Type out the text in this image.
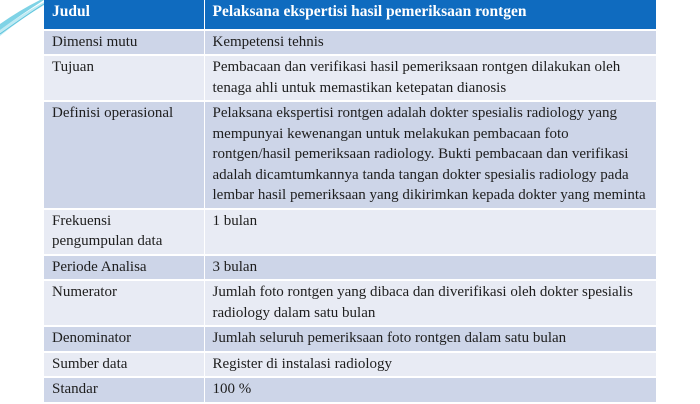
Judul	Pelaksana ekspertisi hasil pemeriksaan rontgen
Dimensi mutu	Kempetensi tehnis
Tujuan	Pembacaan dan verifikasi hasil pemeriksaan rontgen dilakukan oleh tenaga ahli untuk memastikan ketepatan dianosis
Definisi operasional	Pelaksana ekspertisi rontgen adalah dokter spesialis radiology yang mempunyai kewenangan untuk melakukan pembacaan foto rontgen/hasil pemeriksaan radiology. Bukti pembacaan dan verifikasi adalah dicamtumkannya tanda tangan dokter spesialis radiology pada lembar hasil pemeriksaan yang dikirimkan kepada dokter yang meminta
Frekuensi pengumpulan data	1 bulan
Periode Analisa	3 bulan
Numerator	Jumlah foto rontgen yang dibaca dan diverifikasi oleh dokter spesialis radiology dalam satu bulan
Denominator	Jumlah seluruh pemeriksaan foto rontgen dalam satu bulan
Sumber data	Register di instalasi radiology
Standar	100 %
